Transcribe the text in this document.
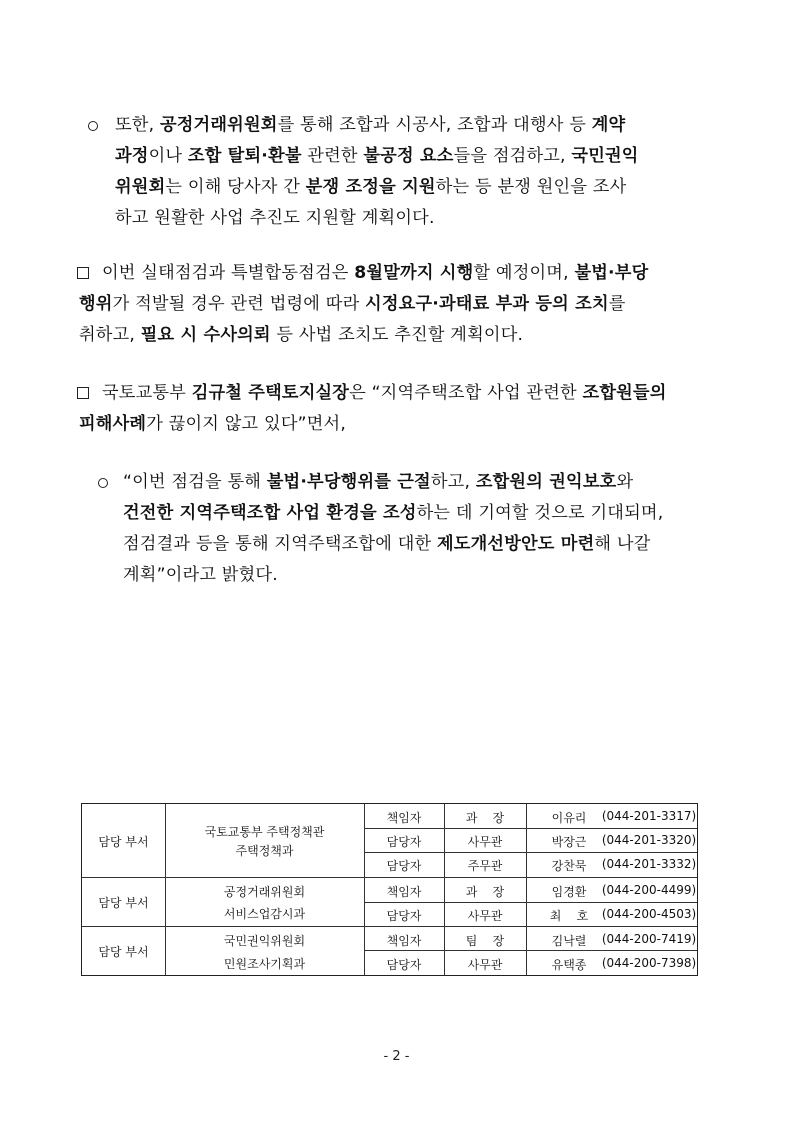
또한, 공정거래위원회를 통해 조합과 시공사, 조합과 대행사 등 계약
과정이나 조합 탈퇴·환불 관련한 불공정 요소들을 점검하고, 국민권익
위원회는 이해 당사자 간 분쟁 조정을 지원하는 등 분쟁 원인을 조사
하고 원활한 사업 추진도 지원할 계획이다.
이번 실태점검과 특별합동점검은 8월말까지 시행할 예정이며, 불법·부당
행위가 적발될 경우 관련 법령에 따라 시정요구·과태료 부과 등의 조치를
취하고, 필요 시 수사의뢰 등 사법 조치도 추진할 계획이다.
국토교통부 김규철 주택토지실장은 “지역주택조합 사업 관련한 조합원들의
피해사례가 끊이지 않고 있다”면서,
“이번 점검을 통해 불법·부당행위를 근절하고, 조합원의 권익보호와
건전한 지역주택조합 사업 환경을 조성하는 데 기여할 것으로 기대되며,
점검결과 등을 통해 지역주택조합에 대한 제도개선방안도 마련해 나갈
계획”이라고 밝혔다.
담당 부서
국토교통부 주택정책관
주택정책과
책임자	과    장	이유리	(044-201-3317)
담당자	사무관	박장근	(044-201-3320)
담당자	주무관	강찬묵	(044-201-3332)
담당 부서
공정거래위원회
서비스업감시과
책임자	과    장	임경환	(044-200-4499)
담당자	사무관	최    호	(044-200-4503)
담당 부서
국민권익위원회
민원조사기획과
책임자	팀    장	김낙렬	(044-200-7419)
담당자	사무관	유택종	(044-200-7398)
- 2 -
